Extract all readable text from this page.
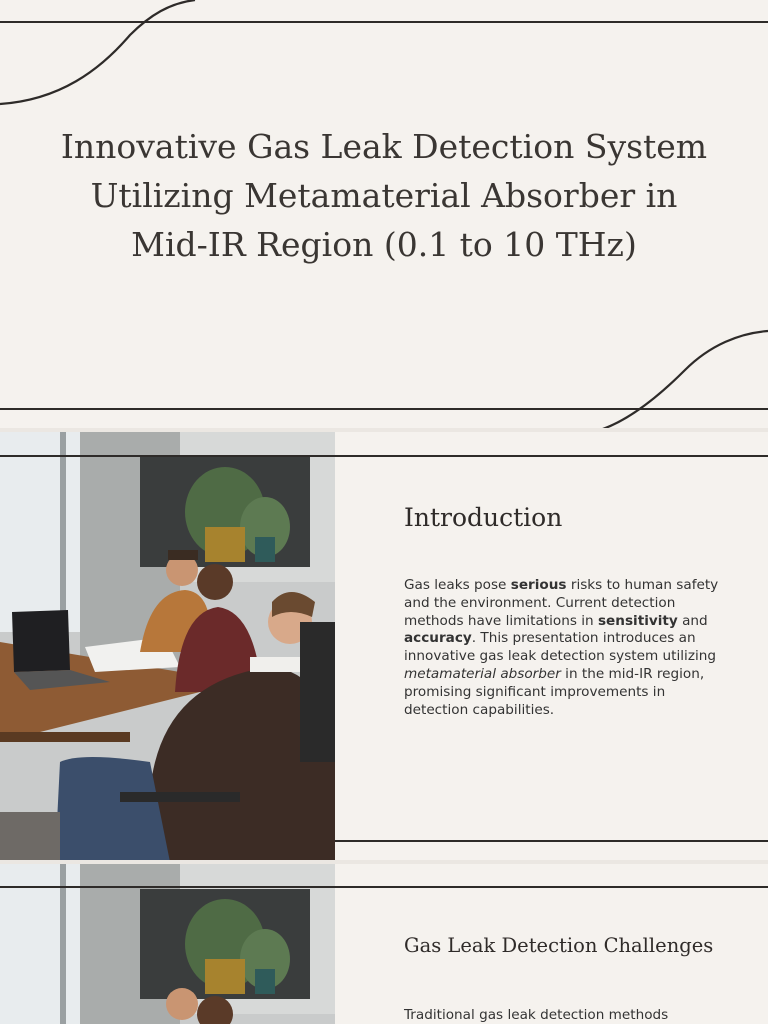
Innovative Gas Leak Detection System
Utilizing Metamaterial Absorber in
Mid-IR Region (0.1 to 10 THz)
Introduction
Gas leaks pose serious risks to human safety and the environment. Current detection methods have limitations in sensitivity and accuracy. This presentation introduces an innovative gas leak detection system utilizing metamaterial absorber in the mid-IR region, promising significant improvements in detection capabilities.
Gas Leak Detection Challenges
Traditional gas leak detection methods
